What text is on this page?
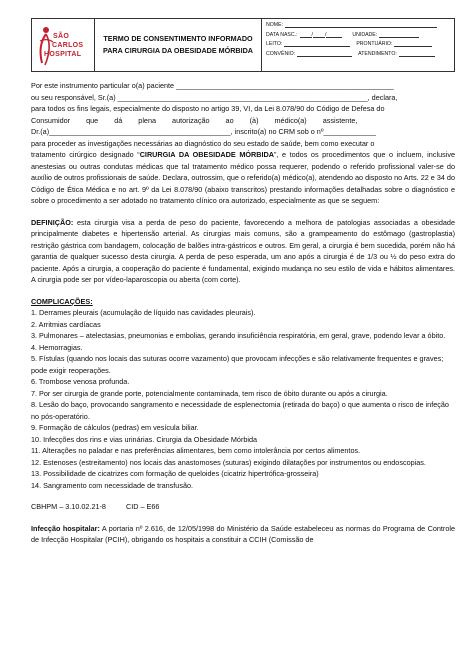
SÃO
CARLOS
HOSPITAL
TERMO DE CONSENTIMENTO INFORMADO
PARA CIRURGIA DA OBESIDADE MÓRBIDA
NOME:
DATA NASC.:	/ /	UNIDADE:
LEITO:	PRONTUÁRIO:
CONVÊNIO:	ATENDIMENTO:

Por este instrumento particular o(a) paciente ______________________________________________________

ou seu responsável, Sr.(a) ______________________________________________________________, declara,

para todos os fins legais, especialmente do disposto no artigo 39, VI, da Lei 8.078/90 do Código de Defesa do

Consumidor que dá plena autorização ao (à) médico(a) assistente,

Dr.(a)_____________________________________________, inscrito(a) no CRM sob o nº_____________

para proceder as investigações necessárias ao diagnóstico do seu estado de saúde, bem como executar o

tratamento cirúrgico designado “CIRURGIA DA OBESIDADE MÓRBIDA”, e todos os procedimentos que o incluem, inclusive anestesias ou outras condutas médicas que tal tratamento médico possa requerer, podendo o referido profissional valer-se do auxílio de outros profissionais de saúde. Declara, outrossim, que o referido(a) médico(a), atendendo ao disposto no Arts. 22 e 34 do Código de Ética Médica e no art. 9º da Lei 8.078/90 (abaixo transcritos) prestando informações detalhadas sobre o diagnóstico e sobre o procedimento a ser adotado no tratamento clínico ora autorizado, especialmente as que se seguem:

DEFINIÇÃO: esta cirurgia visa a perda de peso do paciente, favorecendo a melhora de patologias associadas a obesidade principalmente diabetes e hipertensão arterial. As cirurgias mais comuns, são a grampeamento do estômago (gastroplastia) restrição gástrica com bandagem, colocação de balões intra-gástricos e outros. Em geral, a cirurgia é bem sucedida, porém não há garantia de qualquer sucesso desta cirurgia. A perda de peso esperada, um ano após a cirurgia é de 1/3 ou ½ do peso extra do paciente. Após a cirurgia, a cooperação do paciente é fundamental, exigindo mudança no seu estilo de vida e hábitos alimentares. A cirurgia pode ser por vídeo-laparoscopia ou aberta (com corte).

COMPLICAÇÕES:

1. Derrames pleurais (acumulação de líquido nas cavidades pleurais).

2. Arritmias cardíacas

3. Pulmonares – atelectasias, pneumonias e embolias, gerando insuficiência respiratória, em geral, grave, podendo levar a óbito.

4. Hemorragias.

5. Fístulas (quando nos locais das suturas ocorre vazamento) que provocam infecções e são relativamente frequentes e graves; pode exigir reoperações.

6. Trombose venosa profunda.

7. Por ser cirurgia de grande porte, potencialmente contaminada, tem risco de óbito durante ou após a cirurgia.

8. Lesão do baço, provocando sangramento e necessidade de esplenectomia (retirada do baço) o que aumenta o risco de infeção no pós-operatório.

9. Formação de cálculos (pedras) em vesícula biliar.

10. Infecções dos rins e vias urinárias. Cirurgia da Obesidade Mórbida

11. Alterações no paladar e nas preferências alimentares, bem como intolerância por certos alimentos.

12. Estenoses (estreitamento) nos locais das anastomoses (suturas) exigindo dilatações por instrumentos ou endoscopias.

13. Possibilidade de cicatrizes com formação de queloides (cicatriz hipertrófica-grosseira)

14. Sangramento com necessidade de transfusão.

CBHPM – 3.10.02.21-8	CID – E66

Infecção hospitalar: A portaria nº 2.616, de 12/05/1998 do Ministério da Saúde estabeleceu as normas do Programa de Controle de Infecção Hospitalar (PCIH), obrigando os hospitais a constituir a CCIH (Comissão de
